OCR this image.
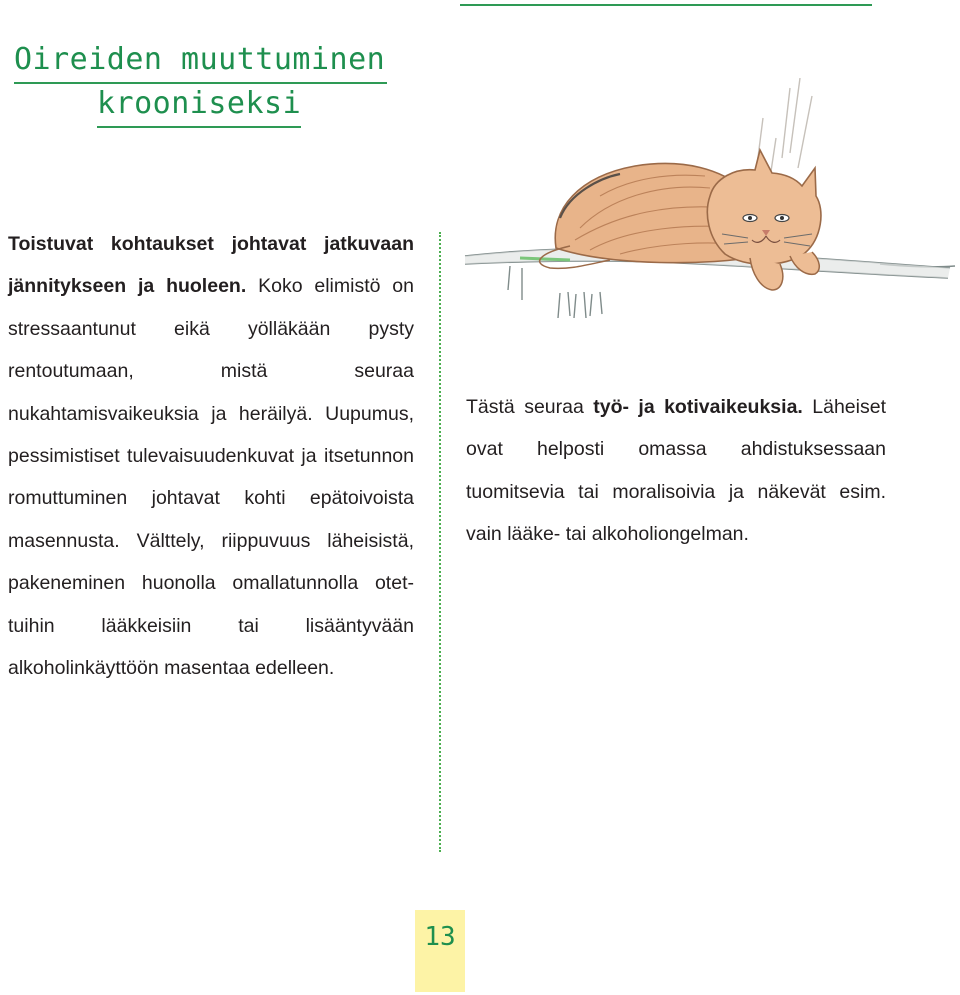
Oireiden muuttuminen
krooniseksi
Toistuvat kohtaukset johtavat jatkuvaan jännitykseen ja huoleen. Koko elimistö on stressaantunut eikä yölläkään pysty rentoutumaan, mistä seuraa nukahtamisvaikeuksia ja heräilyä. Uupumus, pessimistiset tulevaisuudenkuvat ja itsetunnon romuttuminen johtavat kohti epätoivoista masennusta. Välttely, riippuvuus läheisistä, pakeneminen huonolla omallatunnolla otettuihin lääkkeisiin tai lisääntyvään alkoholinkäyttöön masentaa edelleen.
Tästä seuraa työ- ja kotivaikeuksia. Läheiset ovat helposti omassa ahdistuksessaan tuomitsevia tai moralisoivia ja näkevät esim. vain lääke- tai alkoholiongelman.
13
